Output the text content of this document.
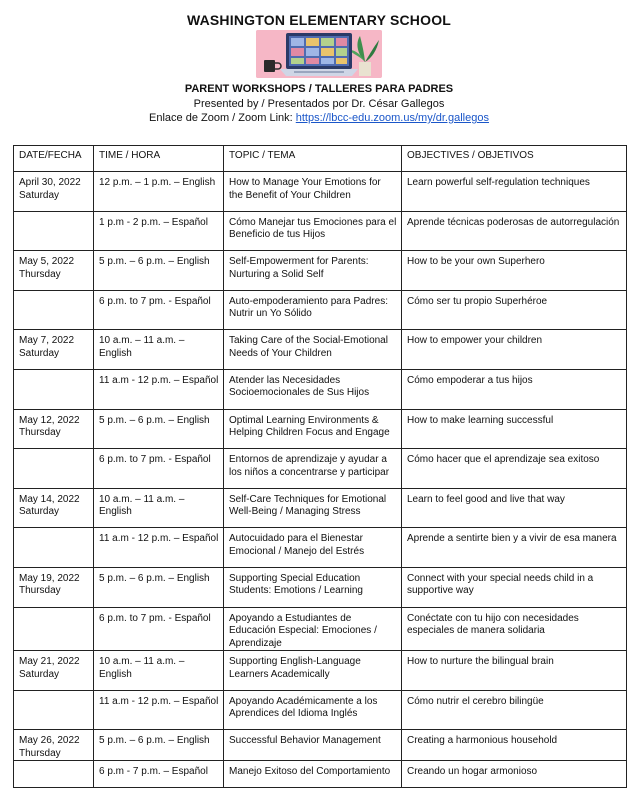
WASHINGTON ELEMENTARY SCHOOL
PARENT WORKSHOPS / TALLERES PARA PADRES
Presented by / Presentados por Dr. César Gallegos
Enlace de Zoom / Zoom Link: https://lbcc-edu.zoom.us/my/dr.gallegos
DATE/FECHA	TIME / HORA	TOPIC / TEMA	OBJECTIVES / OBJETIVOS

April 30, 2022
Saturday	12 p.m. – 1 p.m. – English	How to Manage Your Emotions for the Benefit of Your Children	Learn powerful self-regulation techniques

	1 p.m - 2 p.m. – Español	Cómo Manejar tus Emociones para el Beneficio de tus Hijos	Aprende técnicas poderosas de autorregulación

May 5, 2022
Thursday	5 p.m. – 6 p.m. – English	Self-Empowerment for Parents: Nurturing a Solid Self	How to be your own Superhero

	6 p.m. to 7 pm. - Español	Auto-empoderamiento para Padres: Nutrir un Yo Sólido	Cómo ser tu propio Superhéroe

May 7, 2022
Saturday	10 a.m. – 11 a.m. – English	Taking Care of the Social-Emotional Needs of Your Children	How to empower your children

	11 a.m - 12 p.m. – Español	Atender las Necesidades Socioemocionales de Sus Hijos	Cómo empoderar a tus hijos

May 12, 2022
Thursday	5 p.m. – 6 p.m. – English	Optimal Learning Environments & Helping Children Focus and Engage	How to make learning successful

	6 p.m. to 7 pm. - Español	Entornos de aprendizaje y ayudar a los niños a concentrarse y participar	Cómo hacer que el aprendizaje sea exitoso

May 14, 2022
Saturday	10 a.m. – 11 a.m. – English	Self-Care Techniques for Emotional Well-Being / Managing Stress	Learn to feel good and live that way

	11 a.m - 12 p.m. – Español	Autocuidado para el Bienestar Emocional / Manejo del Estrés	Aprende a sentirte bien y a vivir de esa manera

May 19, 2022
Thursday	5 p.m. – 6 p.m. – English	Supporting Special Education Students: Emotions / Learning	Connect with your special needs child in a supportive way

	6 p.m. to 7 pm. - Español	Apoyando a Estudiantes de Educación Especial: Emociones / Aprendizaje	Conéctate con tu hijo con necesidades especiales de manera solidaria

May 21, 2022
Saturday	10 a.m. – 11 a.m. – English	Supporting English-Language Learners Academically	How to nurture the bilingual brain

	11 a.m - 12 p.m. – Español	Apoyando Académicamente a los Aprendices del Idioma Inglés	Cómo nutrir el cerebro bilingüe

May 26, 2022
Thursday	5 p.m. – 6 p.m. – English	Successful Behavior Management	Creating a harmonious household

	6 p.m - 7 p.m. – Español	Manejo Exitoso del Comportamiento	Creando un hogar armonioso
